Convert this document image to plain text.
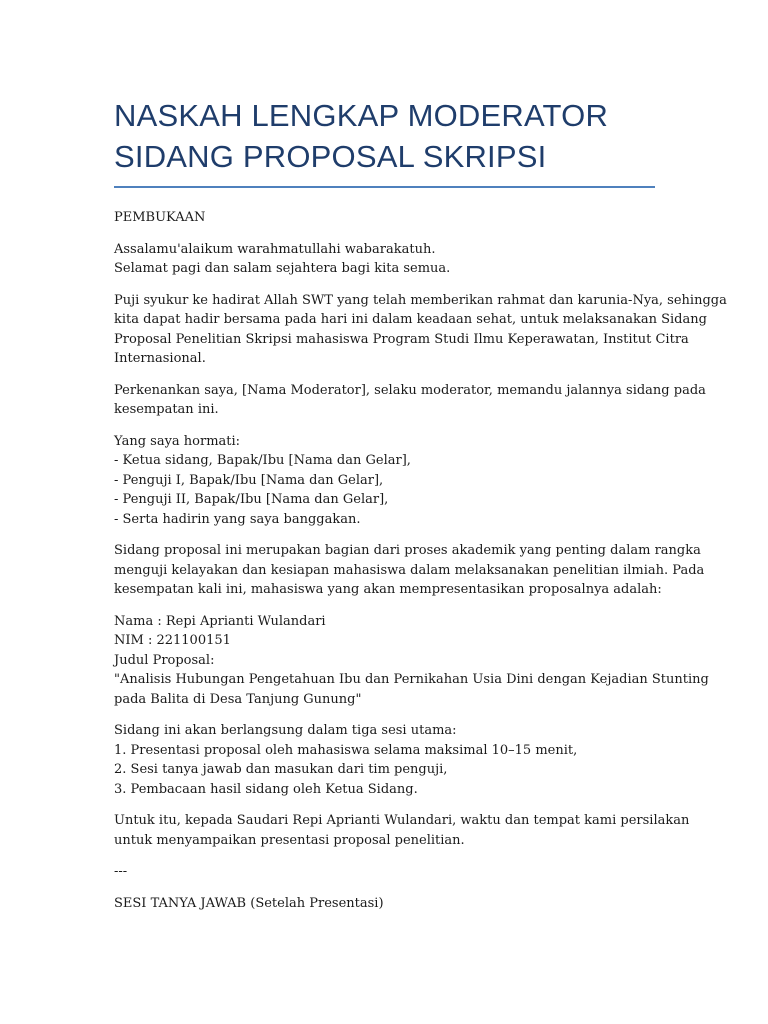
NASKAH LENGKAP MODERATOR
SIDANG PROPOSAL SKRIPSI
PEMBUKAAN
Assalamu'alaikum warahmatullahi wabarakatuh.
Selamat pagi dan salam sejahtera bagi kita semua.
Puji syukur ke hadirat Allah SWT yang telah memberikan rahmat dan karunia-Nya, sehingga
kita dapat hadir bersama pada hari ini dalam keadaan sehat, untuk melaksanakan Sidang
Proposal Penelitian Skripsi mahasiswa Program Studi Ilmu Keperawatan, Institut Citra
Internasional.
Perkenankan saya, [Nama Moderator], selaku moderator, memandu jalannya sidang pada
kesempatan ini.
Yang saya hormati:
- Ketua sidang, Bapak/Ibu [Nama dan Gelar],
- Penguji I, Bapak/Ibu [Nama dan Gelar],
- Penguji II, Bapak/Ibu [Nama dan Gelar],
- Serta hadirin yang saya banggakan.
Sidang proposal ini merupakan bagian dari proses akademik yang penting dalam rangka
menguji kelayakan dan kesiapan mahasiswa dalam melaksanakan penelitian ilmiah. Pada
kesempatan kali ini, mahasiswa yang akan mempresentasikan proposalnya adalah:
Nama : Repi Aprianti Wulandari
NIM : 221100151
Judul Proposal:
"Analisis Hubungan Pengetahuan Ibu dan Pernikahan Usia Dini dengan Kejadian Stunting
pada Balita di Desa Tanjung Gunung"
Sidang ini akan berlangsung dalam tiga sesi utama:
1. Presentasi proposal oleh mahasiswa selama maksimal 10–15 menit,
2. Sesi tanya jawab dan masukan dari tim penguji,
3. Pembacaan hasil sidang oleh Ketua Sidang.
Untuk itu, kepada Saudari Repi Aprianti Wulandari, waktu dan tempat kami persilakan
untuk menyampaikan presentasi proposal penelitian.
---
SESI TANYA JAWAB (Setelah Presentasi)
